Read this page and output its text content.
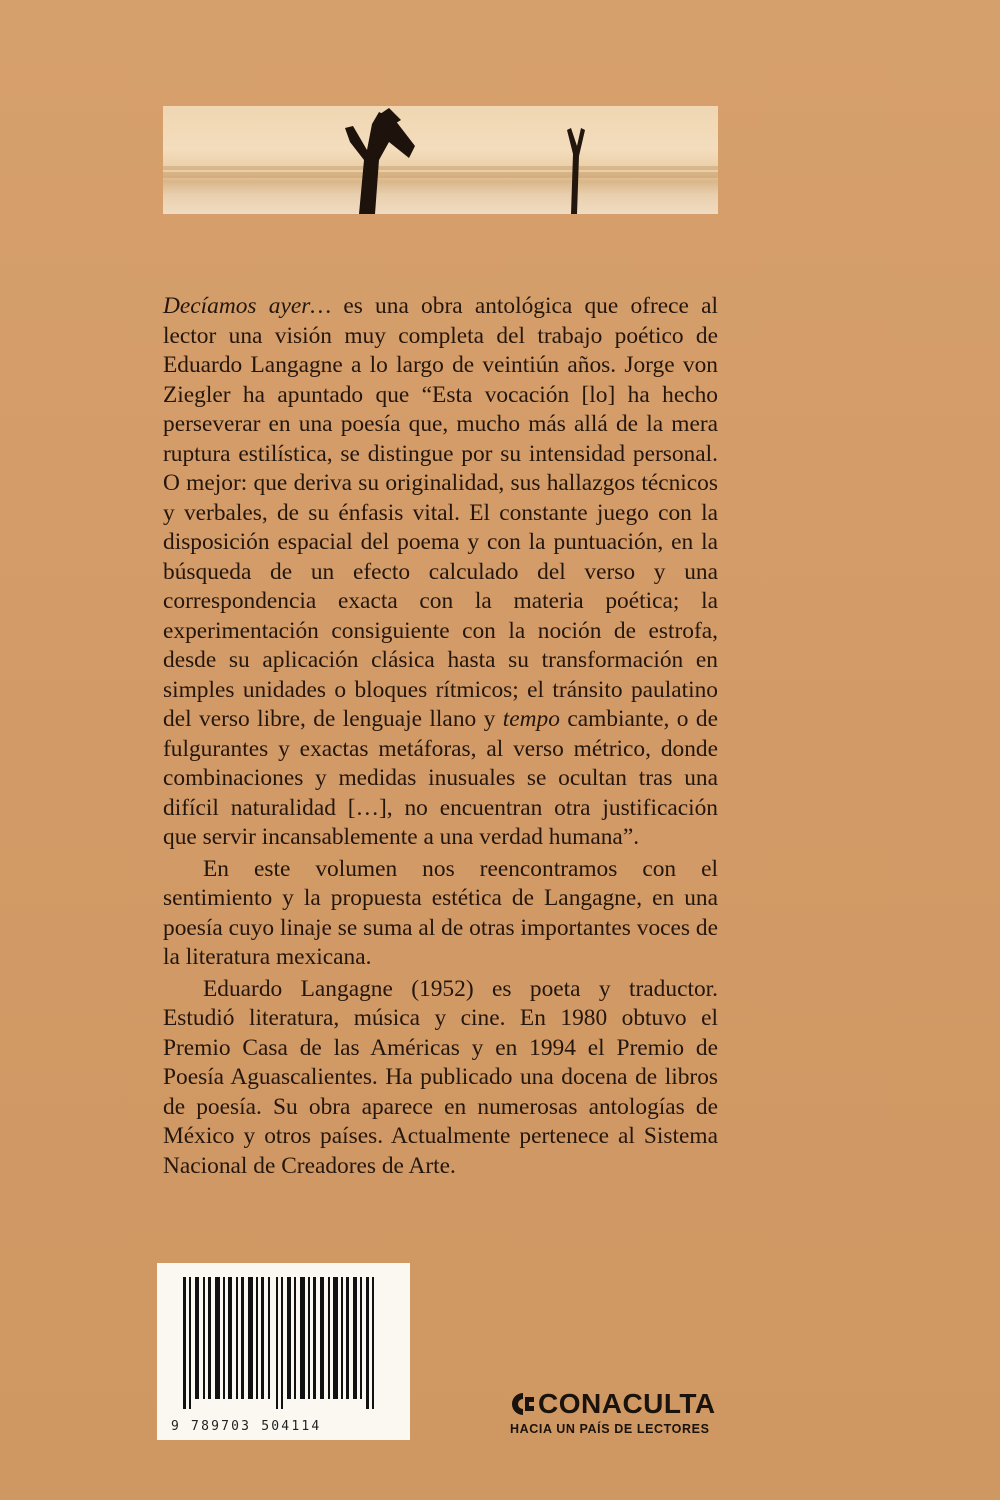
Decíamos ayer… es una obra antológica que ofrece al lector una visión muy completa del trabajo poético de Eduardo Langagne a lo largo de veintiún años. Jorge von Ziegler ha apuntado que “Esta vocación [lo] ha hecho perseverar en una poesía que, mucho más allá de la mera ruptura estilística, se distingue por su intensidad personal. O mejor: que deriva su originalidad, sus hallazgos técnicos y verbales, de su énfasis vital. El constante juego con la disposición espacial del poema y con la puntuación, en la búsqueda de un efecto calculado del verso y una correspondencia exacta con la materia poética; la experimentación consiguiente con la noción de estrofa, desde su aplicación clásica hasta su transformación en simples unidades o bloques rítmicos; el tránsito paulatino del verso libre, de lenguaje llano y tempo cambiante, o de fulgurantes y exactas metáforas, al verso métrico, donde combinaciones y medidas inusuales se ocultan tras una difícil naturalidad […], no encuentran otra justificación que servir incansablemente a una verdad humana”.

En este volumen nos reencontramos con el sentimiento y la propuesta estética de Langagne, en una poesía cuyo linaje se suma al de otras importantes voces de la literatura mexicana.

Eduardo Langagne (1952) es poeta y traductor. Estudió literatura, música y cine. En 1980 obtuvo el Premio Casa de las Américas y en 1994 el Premio de Poesía Aguascalientes. Ha publicado una docena de libros de poesía. Su obra aparece en numerosas antologías de México y otros países. Actualmente pertenece al Sistema Nacional de Creadores de Arte.

9 789703 504114
CONACULTA
HACIA UN PAÍS DE LECTORES
